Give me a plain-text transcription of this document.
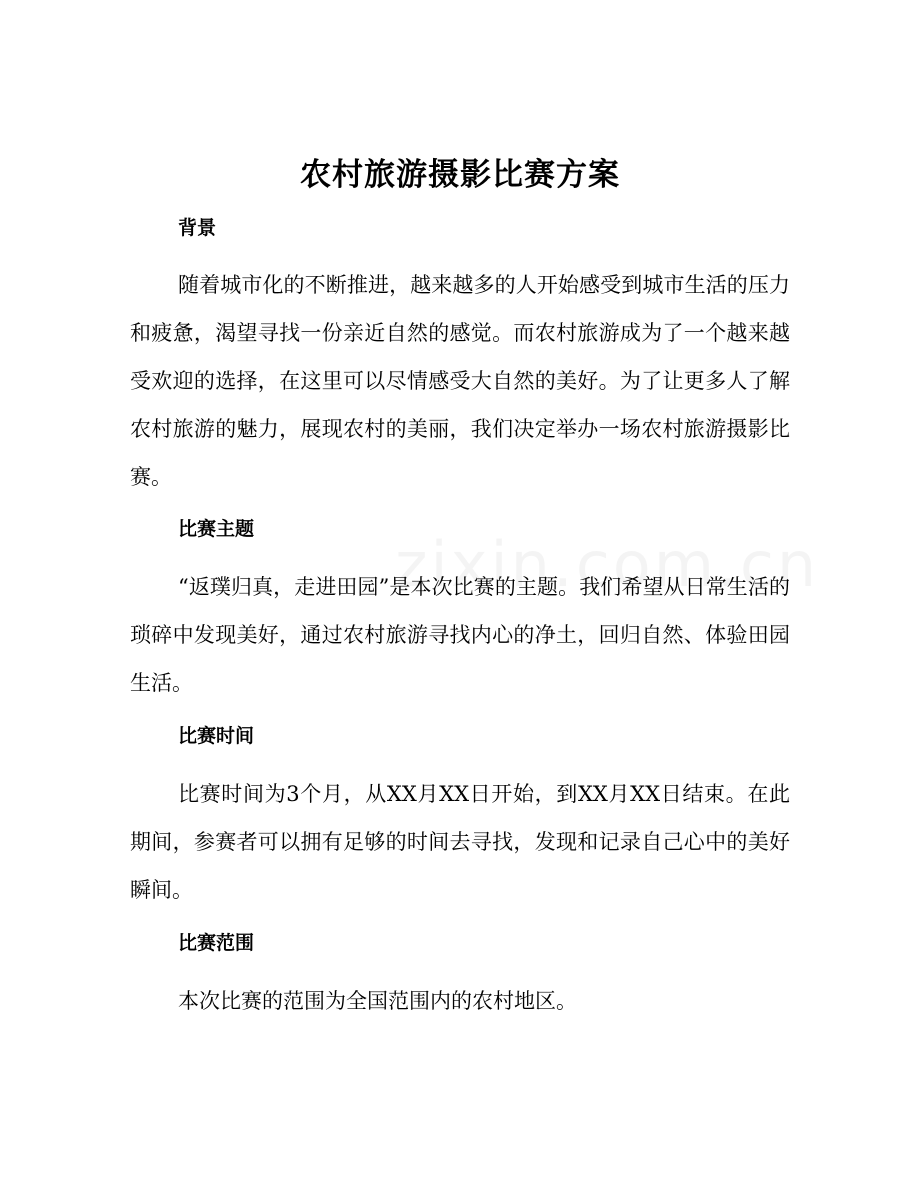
农村旅游摄影比赛方案
背景

随着城市化的不断推进，越来越多的人开始感受到城市生活的压力和疲惫，渴望寻找一份亲近自然的感觉。而农村旅游成为了一个越来越受欢迎的选择，在这里可以尽情感受大自然的美好。为了让更多人了解农村旅游的魅力，展现农村的美丽，我们决定举办一场农村旅游摄影比赛。

比赛主题

“返璞归真，走进田园”是本次比赛的主题。我们希望从日常生活的琐碎中发现美好，通过农村旅游寻找内心的净土，回归自然、体验田园生活。

比赛时间

比赛时间为3个月，从XX月XX日开始，到XX月XX日结束。在此期间，参赛者可以拥有足够的时间去寻找，发现和记录自己心中的美好瞬间。

比赛范围

本次比赛的范围为全国范围内的农村地区。
